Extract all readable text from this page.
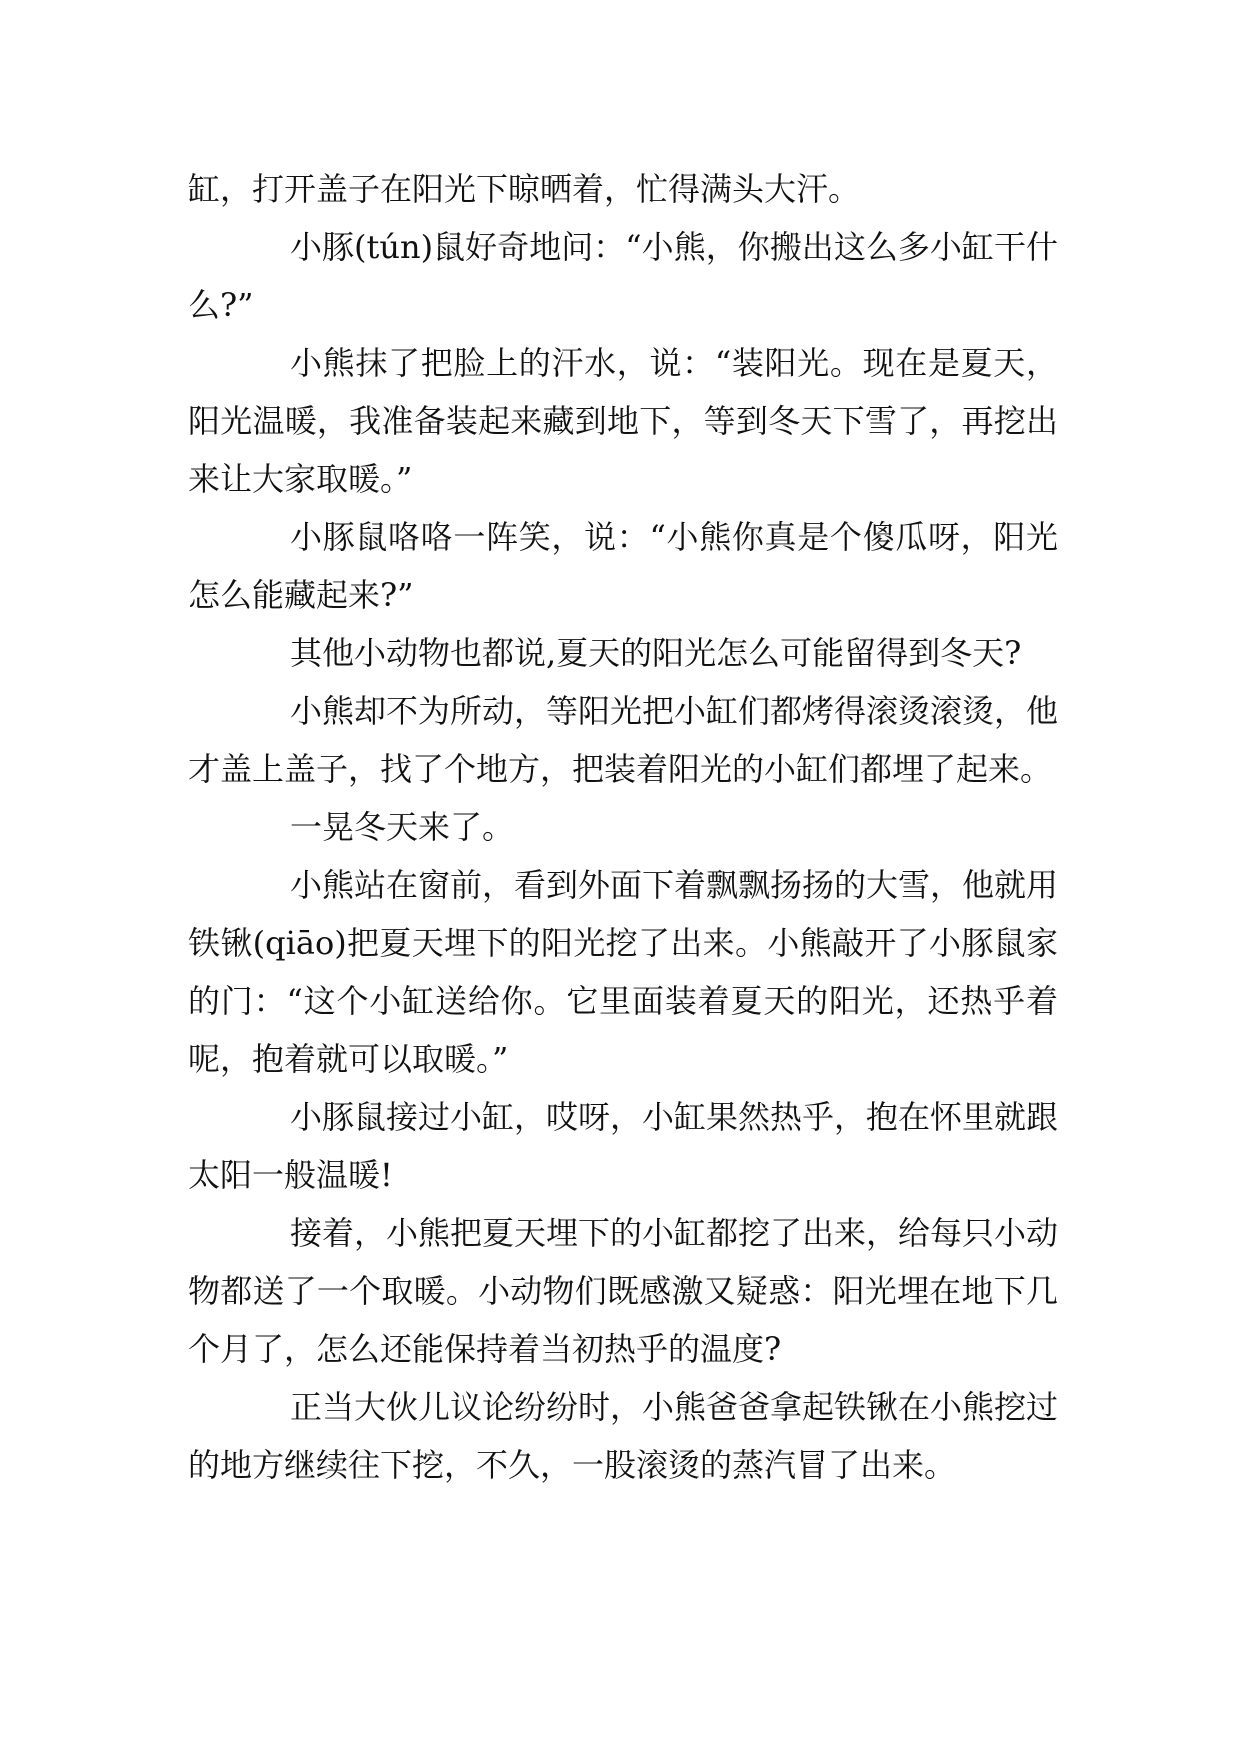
缸，打开盖子在阳光下晾晒着，忙得满头大汗。

小豚(tún)鼠好奇地问：“小熊，你搬出这么多小缸干什么?”

小熊抹了把脸上的汗水，说：“装阳光。现在是夏天，阳光温暖，我准备装起来藏到地下，等到冬天下雪了，再挖出来让大家取暖。”

小豚鼠咯咯一阵笑，说：“小熊你真是个傻瓜呀，阳光怎么能藏起来?”

其他小动物也都说,夏天的阳光怎么可能留得到冬天?

小熊却不为所动，等阳光把小缸们都烤得滚烫滚烫，他才盖上盖子，找了个地方，把装着阳光的小缸们都埋了起来。

一晃冬天来了。

小熊站在窗前，看到外面下着飘飘扬扬的大雪，他就用铁锹(qiāo)把夏天埋下的阳光挖了出来。小熊敲开了小豚鼠家的门：“这个小缸送给你。它里面装着夏天的阳光，还热乎着呢，抱着就可以取暖。”

小豚鼠接过小缸，哎呀，小缸果然热乎，抱在怀里就跟太阳一般温暖!

接着，小熊把夏天埋下的小缸都挖了出来，给每只小动物都送了一个取暖。小动物们既感激又疑惑：阳光埋在地下几个月了，怎么还能保持着当初热乎的温度?

正当大伙儿议论纷纷时，小熊爸爸拿起铁锹在小熊挖过的地方继续往下挖，不久，一股滚烫的蒸汽冒了出来。
